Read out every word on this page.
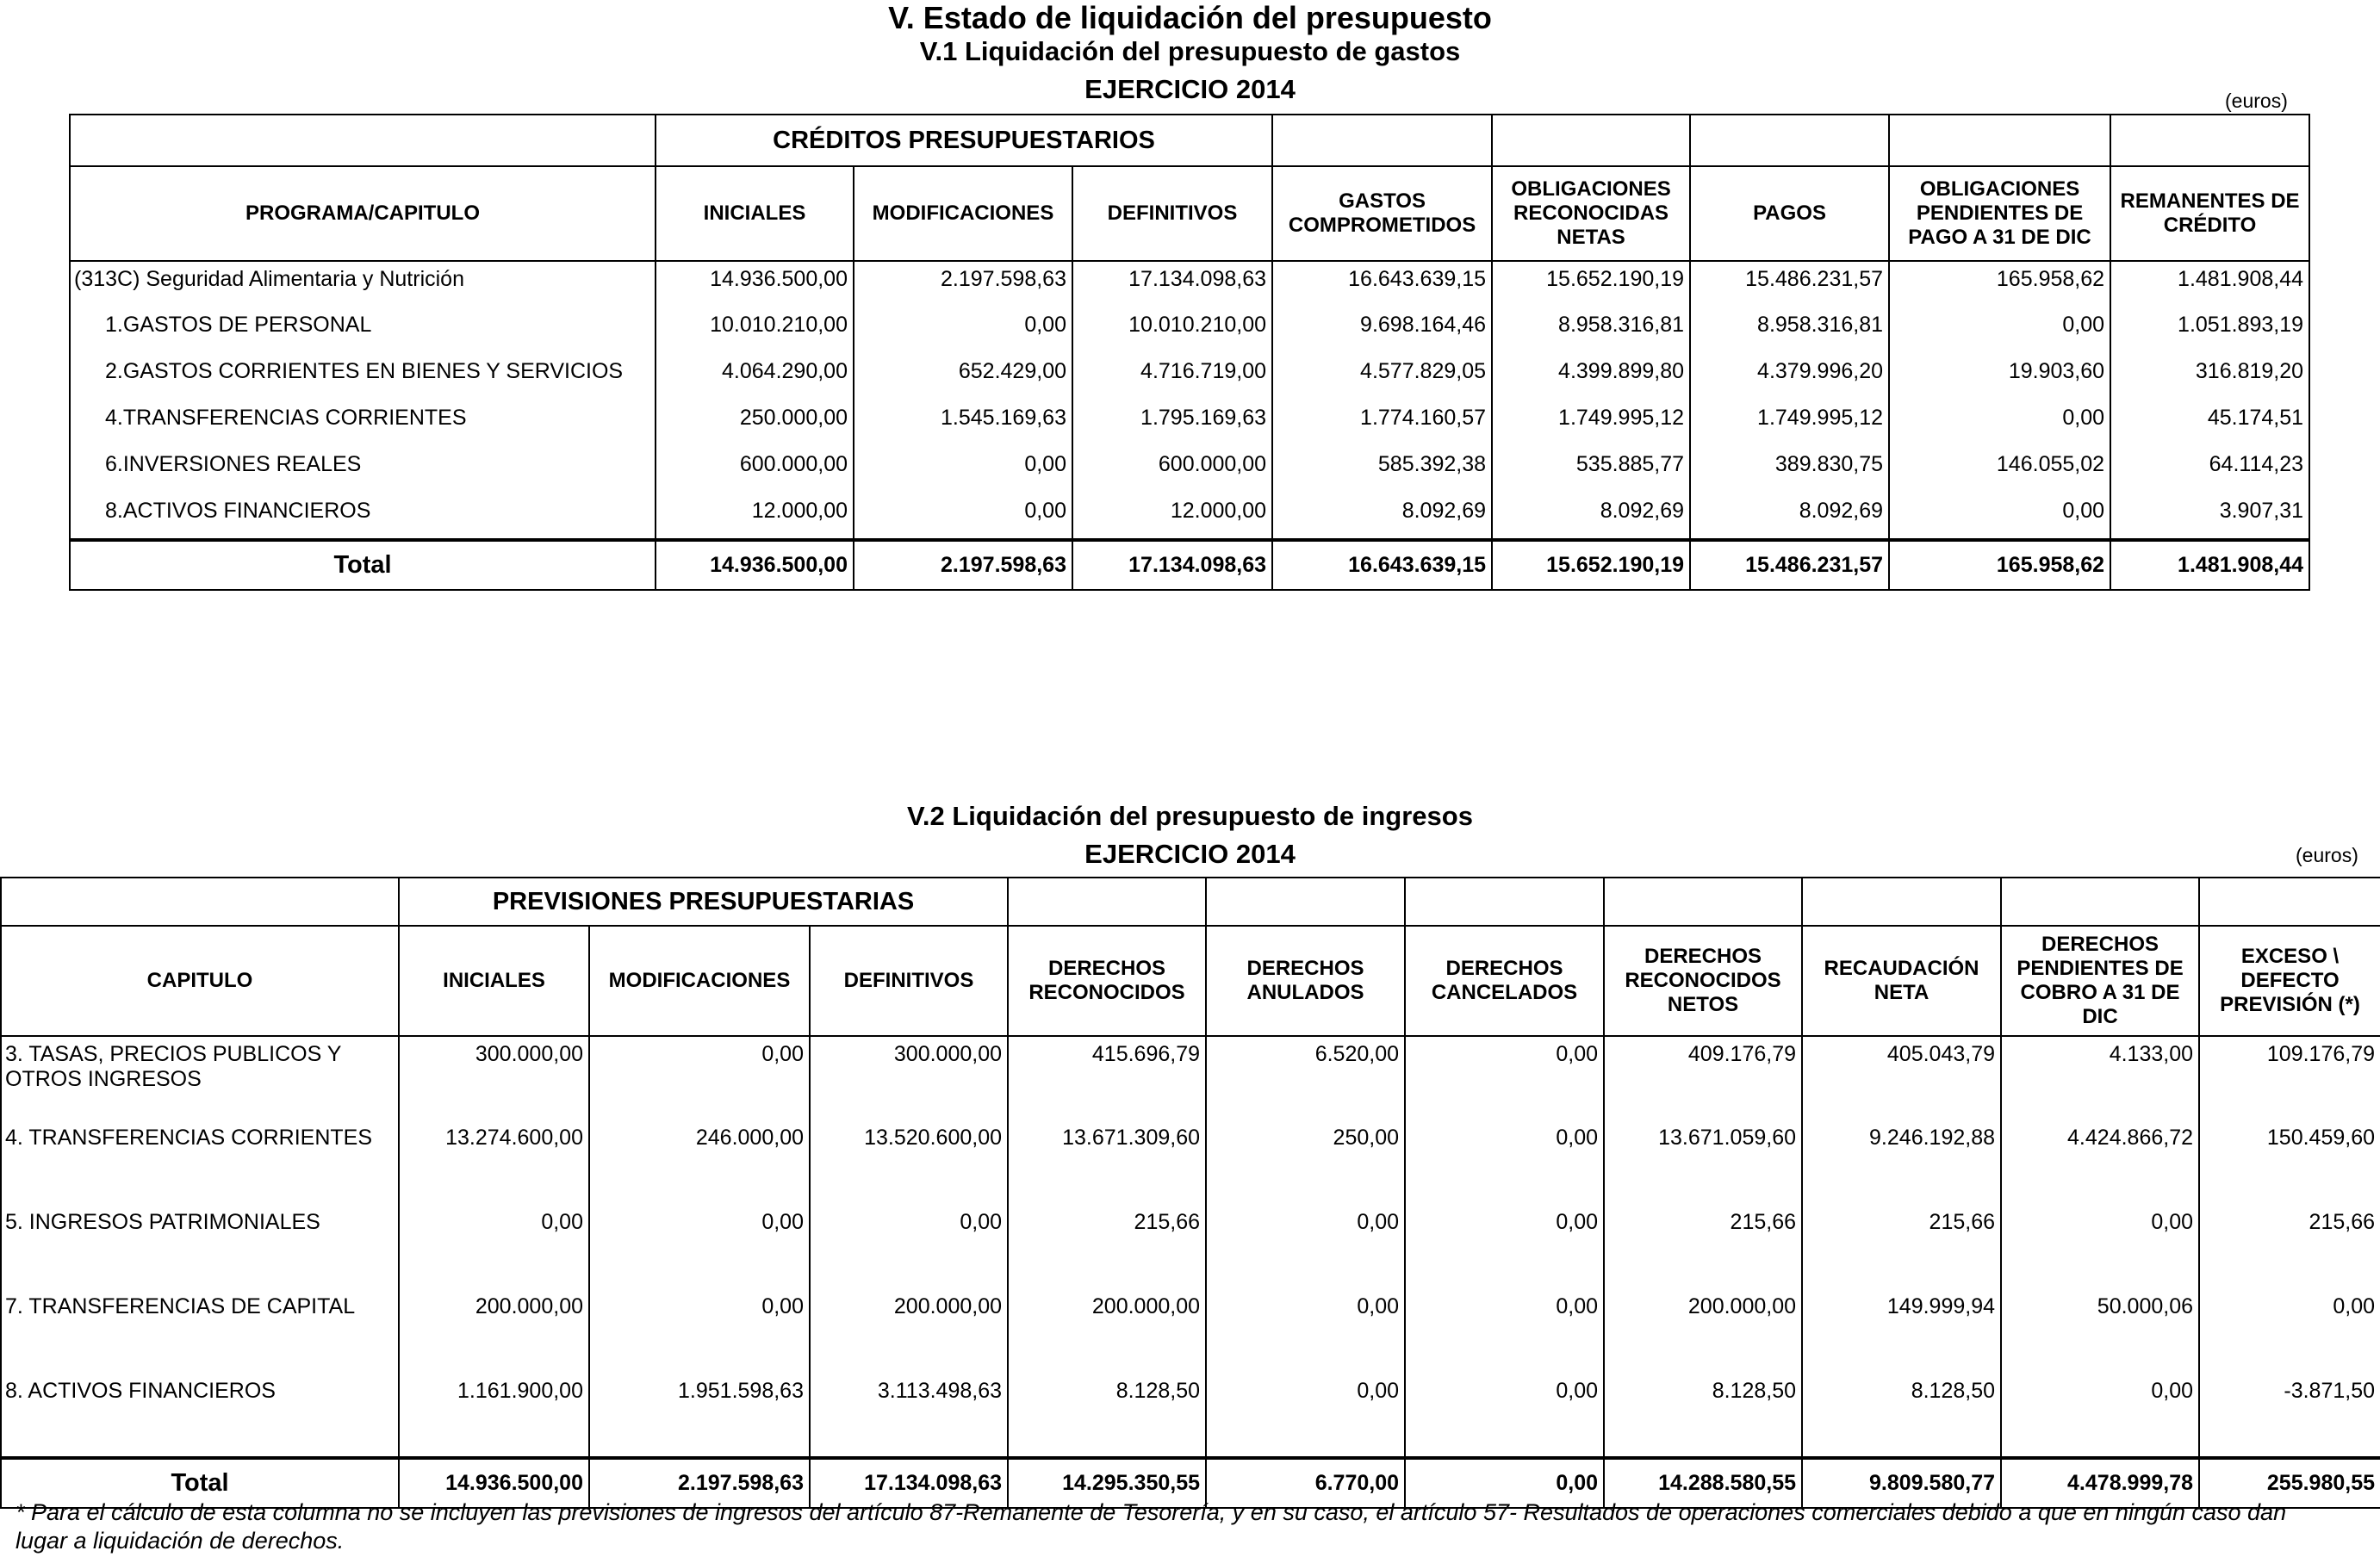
V. Estado de liquidación del presupuesto
V.1 Liquidación del presupuesto de gastos
EJERCICIO 2014	(euros)
	CRÉDITOS PRESUPUESTARIOS							
PROGRAMA/CAPITULO	INICIALES	MODIFICACIONES	DEFINITIVOS	GASTOS COMPROMETIDOS	OBLIGACIONES RECONOCIDAS NETAS	PAGOS	OBLIGACIONES PENDIENTES DE PAGO A 31 DE DIC	REMANENTES DE CRÉDITO
(313C) Seguridad Alimentaria y Nutrición	14.936.500,00	2.197.598,63	17.134.098,63	16.643.639,15	15.652.190,19	15.486.231,57	165.958,62	1.481.908,44
1.GASTOS DE PERSONAL	10.010.210,00	0,00	10.010.210,00	9.698.164,46	8.958.316,81	8.958.316,81	0,00	1.051.893,19
2.GASTOS CORRIENTES EN BIENES Y SERVICIOS	4.064.290,00	652.429,00	4.716.719,00	4.577.829,05	4.399.899,80	4.379.996,20	19.903,60	316.819,20
4.TRANSFERENCIAS CORRIENTES	250.000,00	1.545.169,63	1.795.169,63	1.774.160,57	1.749.995,12	1.749.995,12	0,00	45.174,51
6.INVERSIONES REALES	600.000,00	0,00	600.000,00	585.392,38	535.885,77	389.830,75	146.055,02	64.114,23
8.ACTIVOS FINANCIEROS	12.000,00	0,00	12.000,00	8.092,69	8.092,69	8.092,69	0,00	3.907,31
Total	14.936.500,00	2.197.598,63	17.134.098,63	16.643.639,15	15.652.190,19	15.486.231,57	165.958,62	1.481.908,44
V.2 Liquidación del presupuesto de ingresos
EJERCICIO 2014	(euros)
	PREVISIONES PRESUPUESTARIAS									
CAPITULO	INICIALES	MODIFICACIONES	DEFINITIVOS	DERECHOS RECONOCIDOS	DERECHOS ANULADOS	DERECHOS CANCELADOS	DERECHOS RECONOCIDOS NETOS	RECAUDACIÓN NETA	DERECHOS PENDIENTES DE COBRO A 31 DE DIC	EXCESO \ DEFECTO PREVISIÓN (*)
3. TASAS, PRECIOS PUBLICOS Y OTROS INGRESOS	300.000,00	0,00	300.000,00	415.696,79	6.520,00	0,00	409.176,79	405.043,79	4.133,00	109.176,79
4. TRANSFERENCIAS CORRIENTES	13.274.600,00	246.000,00	13.520.600,00	13.671.309,60	250,00	0,00	13.671.059,60	9.246.192,88	4.424.866,72	150.459,60
5. INGRESOS PATRIMONIALES	0,00	0,00	0,00	215,66	0,00	0,00	215,66	215,66	0,00	215,66
7. TRANSFERENCIAS DE CAPITAL	200.000,00	0,00	200.000,00	200.000,00	0,00	0,00	200.000,00	149.999,94	50.000,06	0,00
8. ACTIVOS FINANCIEROS	1.161.900,00	1.951.598,63	3.113.498,63	8.128,50	0,00	0,00	8.128,50	8.128,50	0,00	-3.871,50
Total	14.936.500,00	2.197.598,63	17.134.098,63	14.295.350,55	6.770,00	0,00	14.288.580,55	9.809.580,77	4.478.999,78	255.980,55
* Para el cálculo de esta columna no se incluyen las previsiones de ingresos del artículo 87-Remanente de Tesorería, y en su caso, el artículo 57- Resultados de operaciones comerciales debido a que en ningún caso dan lugar a liquidación de derechos.
